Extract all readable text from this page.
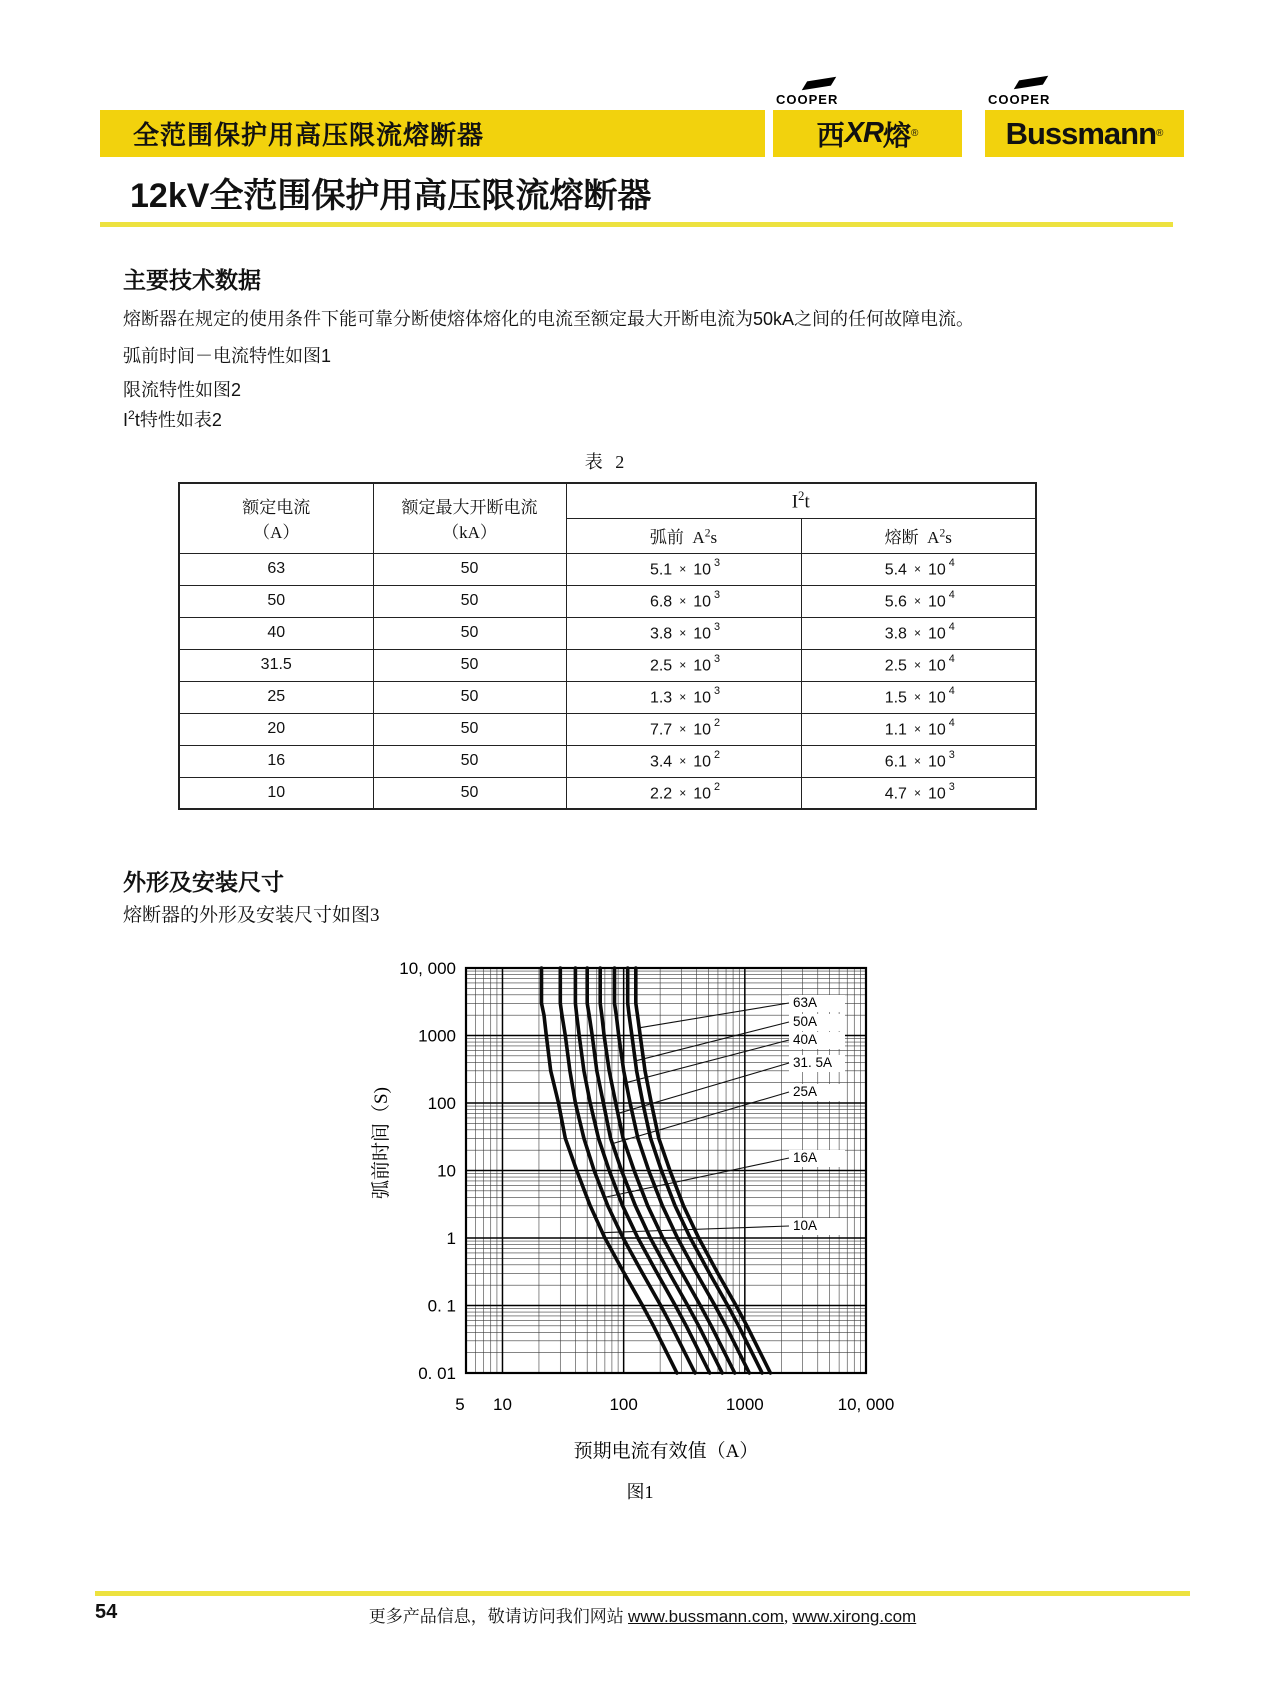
全范围保护用高压限流熔断器
COOPER
西 XR 熔 ®
COOPER
Bussmann ®
12kV全范围保护用高压限流熔断器
主要技术数据
熔断器在规定的使用条件下能可靠分断使熔体熔化的电流至额定最大开断电流为50kA之间的任何故障电流。
弧前时间－电流特性如图1
限流特性如图2
$I^2t$特性如表2
表 2
额定电流
（A）

额定最大开断电流
（kA）
	$I^2t$
		弧前 $A^2s$	熔断 $A^2s$
63	50	5.1 × 10 $^3$	5.4 × 10 $^4$
50	50	6.8 × 10 $^3$	5.6 × 10 $^4$
40	50	3.8 × 10 $^3$	3.8 × 10 $^4$
31.5	50	2.5 × 10 $^3$	2.5 × 10 $^4$
25	50	1.3 × 10 $^3$	1.5 × 10 $^4$
20	50	7.7 × 10 $^2$	1.1 × 10 $^4$
16	50	3.4 × 10 $^2$	6.1 × 10 $^3$
10	50	2.2 × 10 $^2$	4.7 × 10 $^3$
外形及安装尺寸
熔断器的外形及安装尺寸如图3
10A
16A
25A
31. 5A
40A
50A
63A
10, 000
1000
100
10
1
0. 1
0. 01
5 10	100	1000	10, 000
弧前时间（S)
预期电流有效值（A）
图1
54	更多产品信息，敬请访问我们网站 www.bussmann.com, www.xirong.com
